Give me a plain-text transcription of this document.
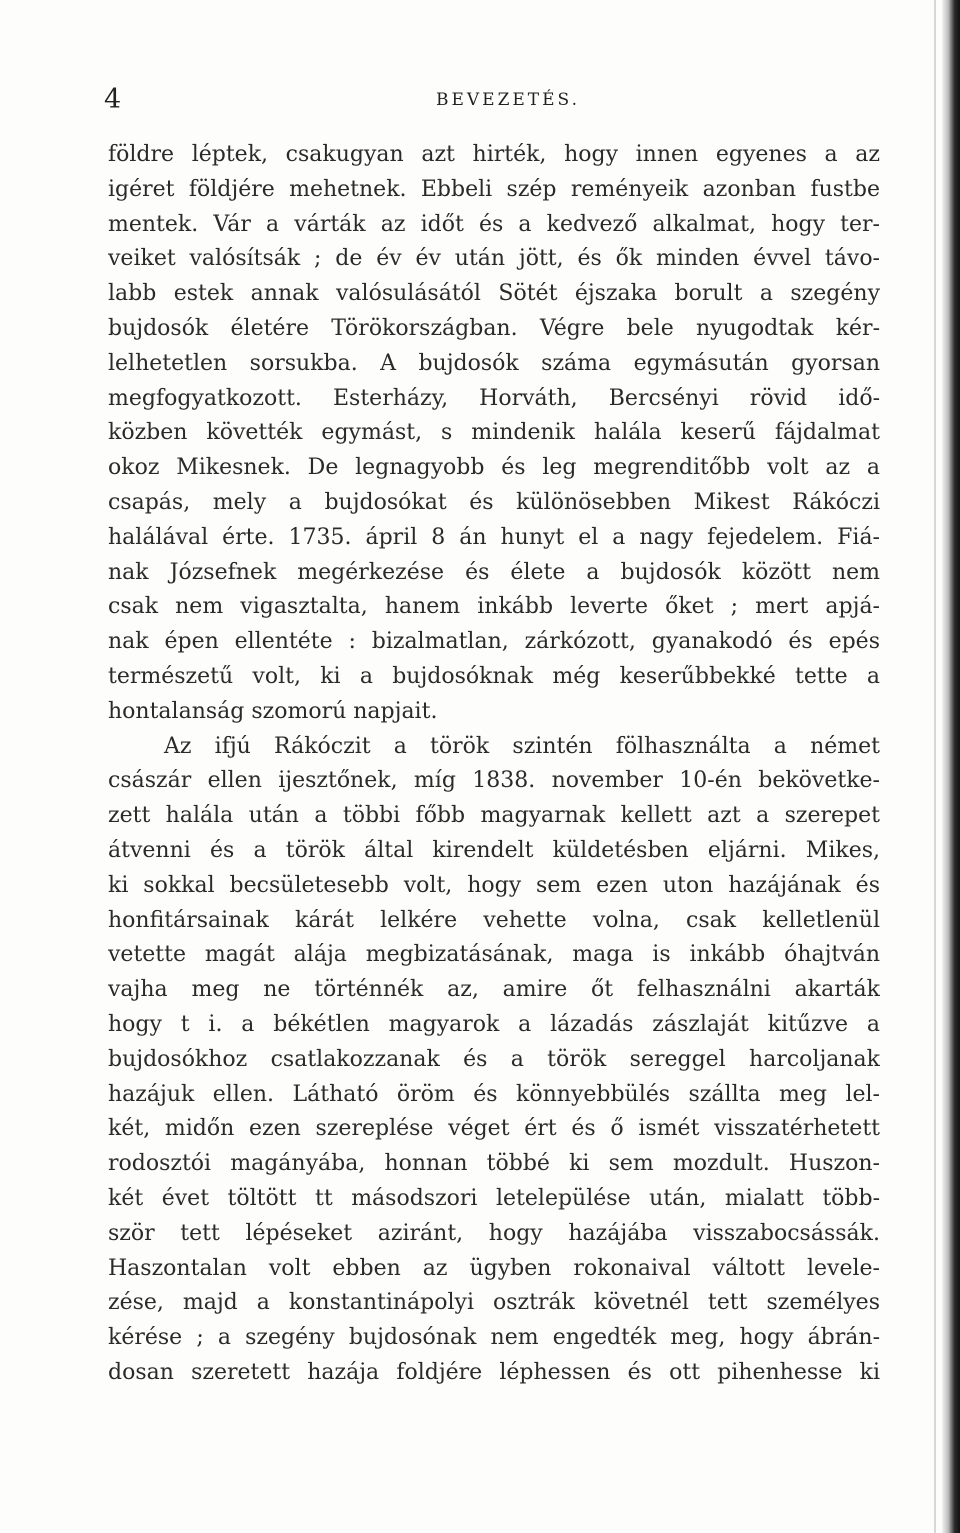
4	BEVEZETÉS.
földre léptek, csakugyan azt hirték, hogy innen egyenes a az
igéret földjére mehetnek. Ebbeli szép reményeik azonban fustbe
mentek. Vár a várták az időt és a kedvező alkalmat, hogy ter-
veiket valósítsák ; de év év után jött, és ők minden évvel távo-
labb estek annak valósulásától Sötét éjszaka borult a szegény
bujdosók életére Törökországban. Végre bele nyugodtak kér-
lelhetetlen sorsukba. A bujdosók száma egymásután gyorsan
megfogyatkozott. Esterházy, Horváth, Bercsényi rövid idő-
közben követték egymást, s mindenik halála keserű fájdalmat
okoz Mikesnek. De legnagyobb és leg megrenditőbb volt az a
csapás, mely a bujdosókat és különösebben Mikest Rákóczi
halálával érte. 1735. ápril 8 án hunyt el a nagy fejedelem. Fiá-
nak Józsefnek megérkezése és élete a bujdosók között nem
csak nem vigasztalta, hanem inkább leverte őket ; mert apjá-
nak épen ellentéte : bizalmatlan, zárkózott, gyanakodó és epés
természetű volt, ki a bujdosóknak még keserűbbekké tette a
hontalanság szomorú napjait.
Az ifjú Rákóczit a török szintén fölhasználta a német
császár ellen ijesztőnek, míg 1838. november 10-én bekövetke-
zett halála után a többi főbb magyarnak kellett azt a szerepet
átvenni és a török által kirendelt küldetésben eljárni. Mikes,
ki sokkal becsületesebb volt, hogy sem ezen uton hazájának és
honfitársainak kárát lelkére vehette volna, csak kelletlenül
vetette magát alája megbizatásának, maga is inkább óhajtván
vajha meg ne történnék az, amire őt felhasználni akarták
hogy t i. a békétlen magyarok a lázadás zászlaját kitűzve a
bujdosókhoz csatlakozzanak és a török sereggel harcoljanak
hazájuk ellen. Látható öröm és könnyebbülés szállta meg lel-
két, midőn ezen szereplése véget ért és ő ismét visszatérhetett
rodosztói magányába, honnan többé ki sem mozdult. Huszon-
két évet töltött tt másodszori letelepülése után, mialatt több-
ször tett lépéseket aziránt, hogy hazájába visszabocsássák.
Haszontalan volt ebben az ügyben rokonaival váltott levele-
zése, majd a konstantinápolyi osztrák követnél tett személyes
kérése ; a szegény bujdosónak nem engedték meg, hogy ábrán-
dosan szeretett hazája foldjére léphessen és ott pihenhesse ki
